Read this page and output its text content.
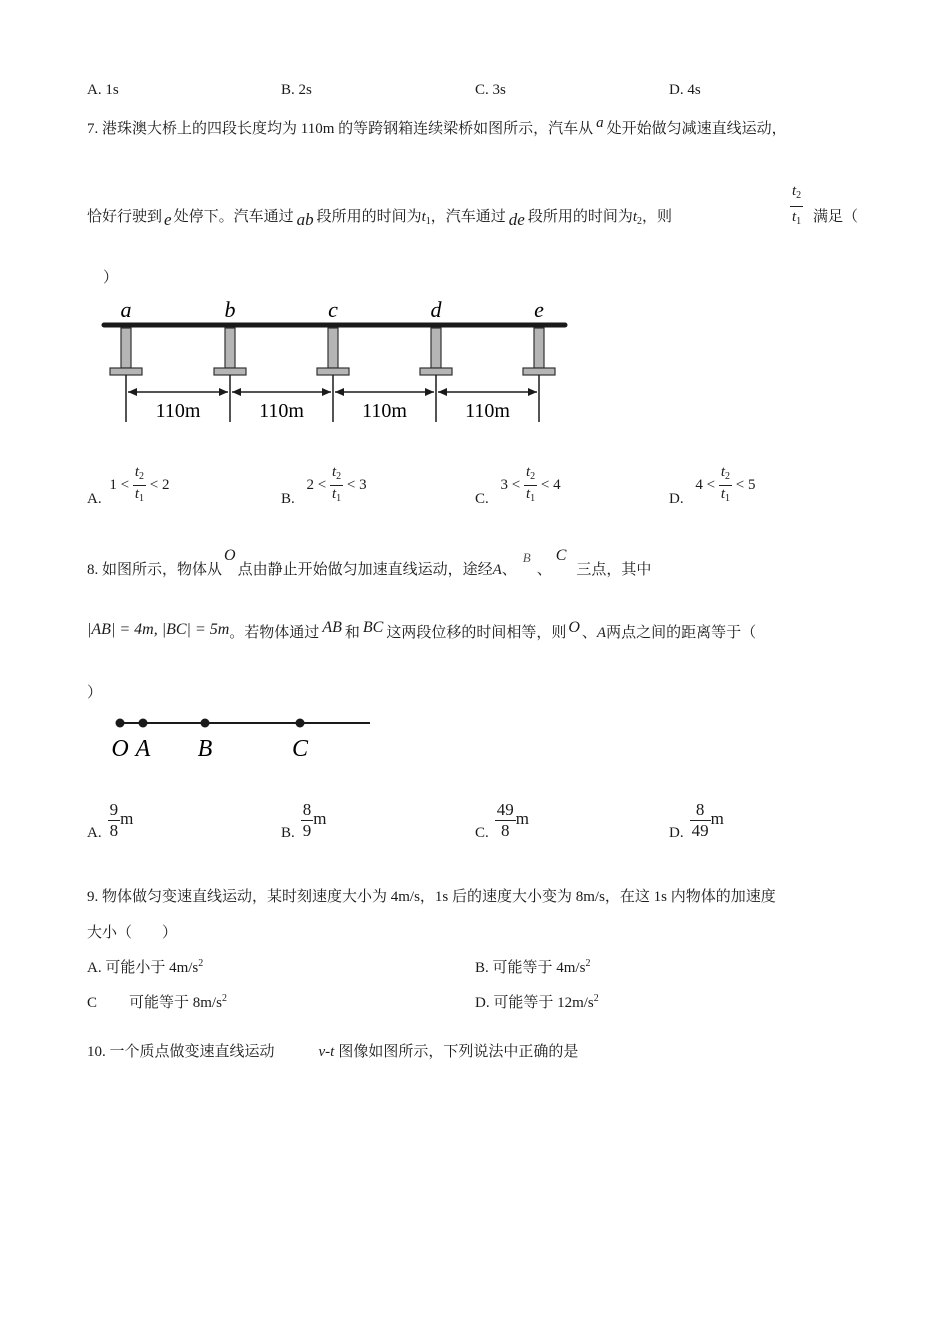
A. 1s	B. 2s	C. 3s	D. 4s
7. 港珠澳大桥上的四段长度均为 110m 的等跨钢箱连续梁桥如图所示，汽车从 a 处开始做匀减速直线运动，
恰好行驶到 e 处停下。汽车通过 ab 段所用的时间为$t_1$，汽车通过 de 段所用的时间为$t_2$，则	$\frac{t_2}{t_1}$ 满足（
）
a	b	c	d	e
110m	110m	110m	110m
A. $1 < \frac{t_2}{t_1} < 2$
B. $2 < \frac{t_2}{t_1} < 3$
C. $3 < \frac{t_2}{t_1} < 4$
D. $4 < \frac{t_2}{t_1} < 5$
8. 如图所示，物体从O点由静止开始做匀加速直线运动，途经A、B、C三点，其中
|AB| = 4m, |BC| = 5m。若物体通过 AB 和 BC 这两段位移的时间相等，则 O 、A两点之间的距离等于（
）
O A B	C
A. $\frac{9}{8}$ m
B. $\frac{8}{9}$ m
C. $\frac{49}{8}$ m
D. $\frac{8}{49}$ m
9. 物体做匀变速直线运动，某时刻速度大小为 4m/s，1s 后的速度大小变为 8m/s，在这 1s 内物体的加速度
大小（　　）
A. 可能小于 $4m/s^2$	B. 可能等于 $4m/s^2$
C 可能等于 $8m/s^2$	D. 可能等于 $12m/s^2$
10. 一个质点做变速直线运动	v-t 图像如图所示，下列说法中正确的是
